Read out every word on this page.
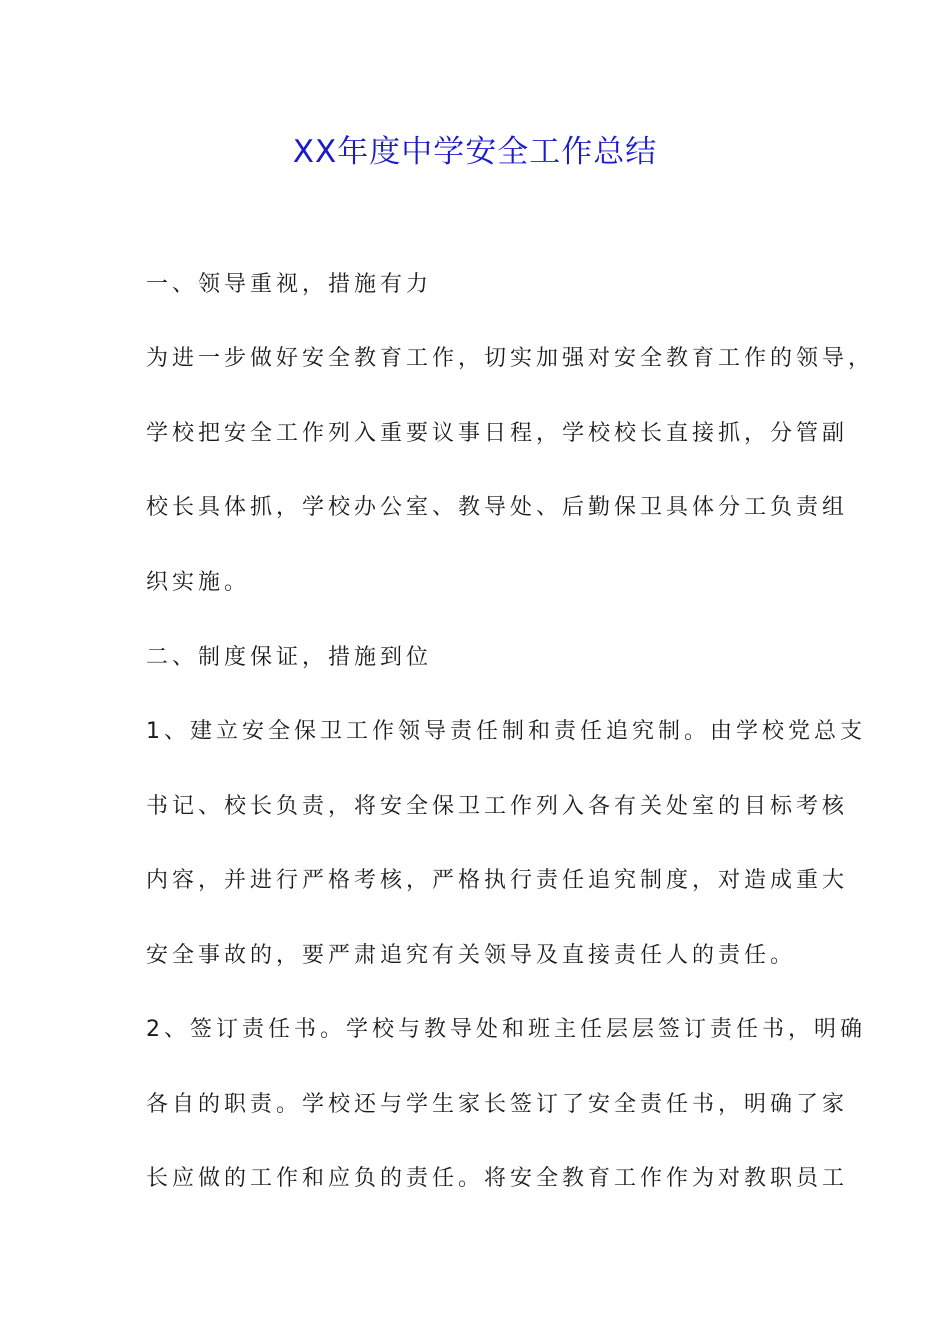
XX年度中学安全工作总结

一、领导重视，措施有力

为进一步做好安全教育工作，切实加强对安全教育工作的领导，

学校把安全工作列入重要议事日程，学校校长直接抓，分管副

校长具体抓，学校办公室、教导处、后勤保卫具体分工负责组

织实施。

二、制度保证，措施到位

1、建立安全保卫工作领导责任制和责任追究制。由学校党总支

书记、校长负责，将安全保卫工作列入各有关处室的目标考核

内容，并进行严格考核，严格执行责任追究制度，对造成重大

安全事故的，要严肃追究有关领导及直接责任人的责任。

2、签订责任书。学校与教导处和班主任层层签订责任书，明确

各自的职责。学校还与学生家长签订了安全责任书，明确了家

长应做的工作和应负的责任。将安全教育工作作为对教职员工
